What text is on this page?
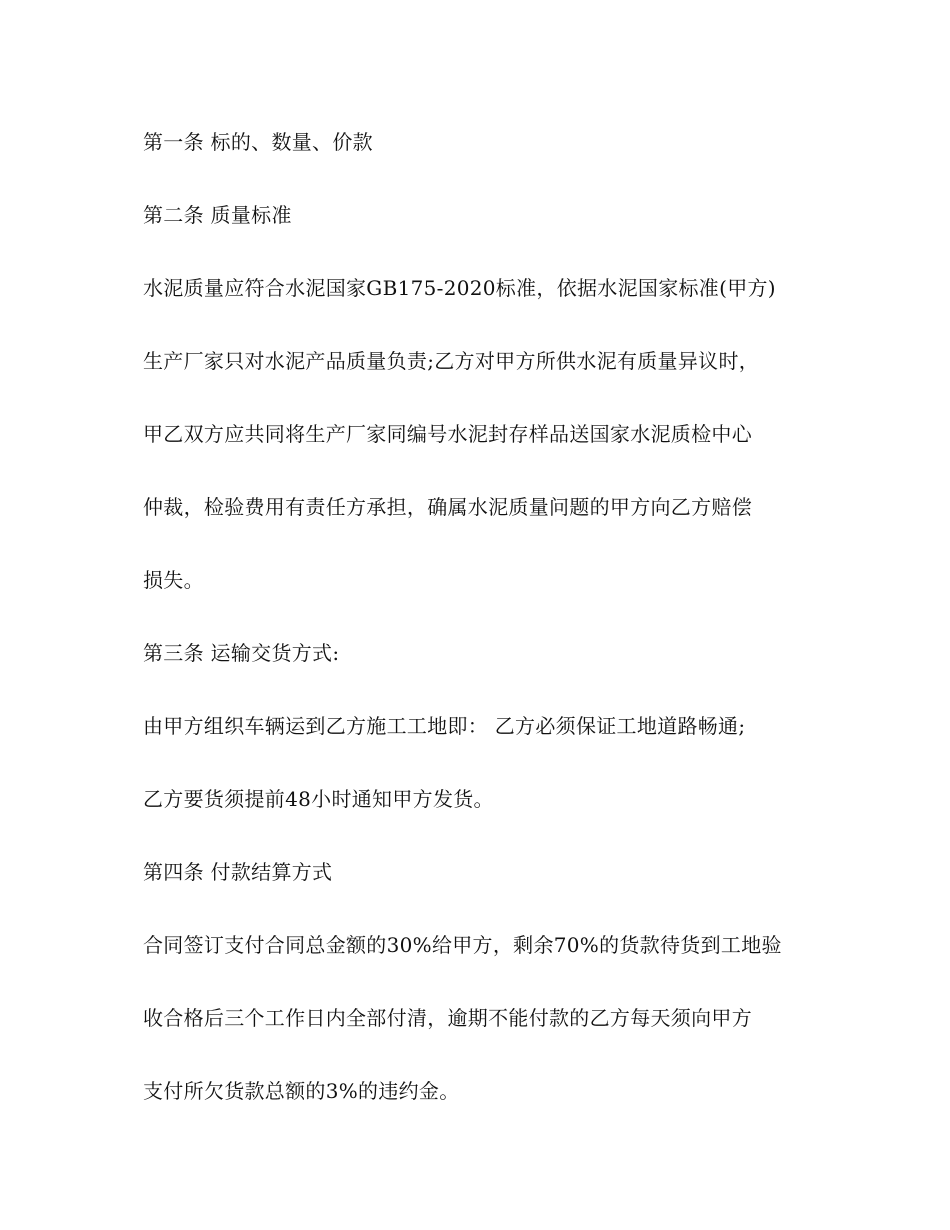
第一条 标的、数量、价款
第二条 质量标准
水泥质量应符合水泥国家GB175-2020标准，依据水泥国家标准(甲方)
生产厂家只对水泥产品质量负责;乙方对甲方所供水泥有质量异议时，
甲乙双方应共同将生产厂家同编号水泥封存样品送国家水泥质检中心
仲裁，检验费用有责任方承担，确属水泥质量问题的甲方向乙方赔偿
损失。
第三条 运输交货方式:
由甲方组织车辆运到乙方施工工地即： 乙方必须保证工地道路畅通;
乙方要货须提前48小时通知甲方发货。
第四条 付款结算方式
合同签订支付合同总金额的30%给甲方，剩余70%的货款待货到工地验
收合格后三个工作日内全部付清，逾期不能付款的乙方每天须向甲方
支付所欠货款总额的3%的违约金。
